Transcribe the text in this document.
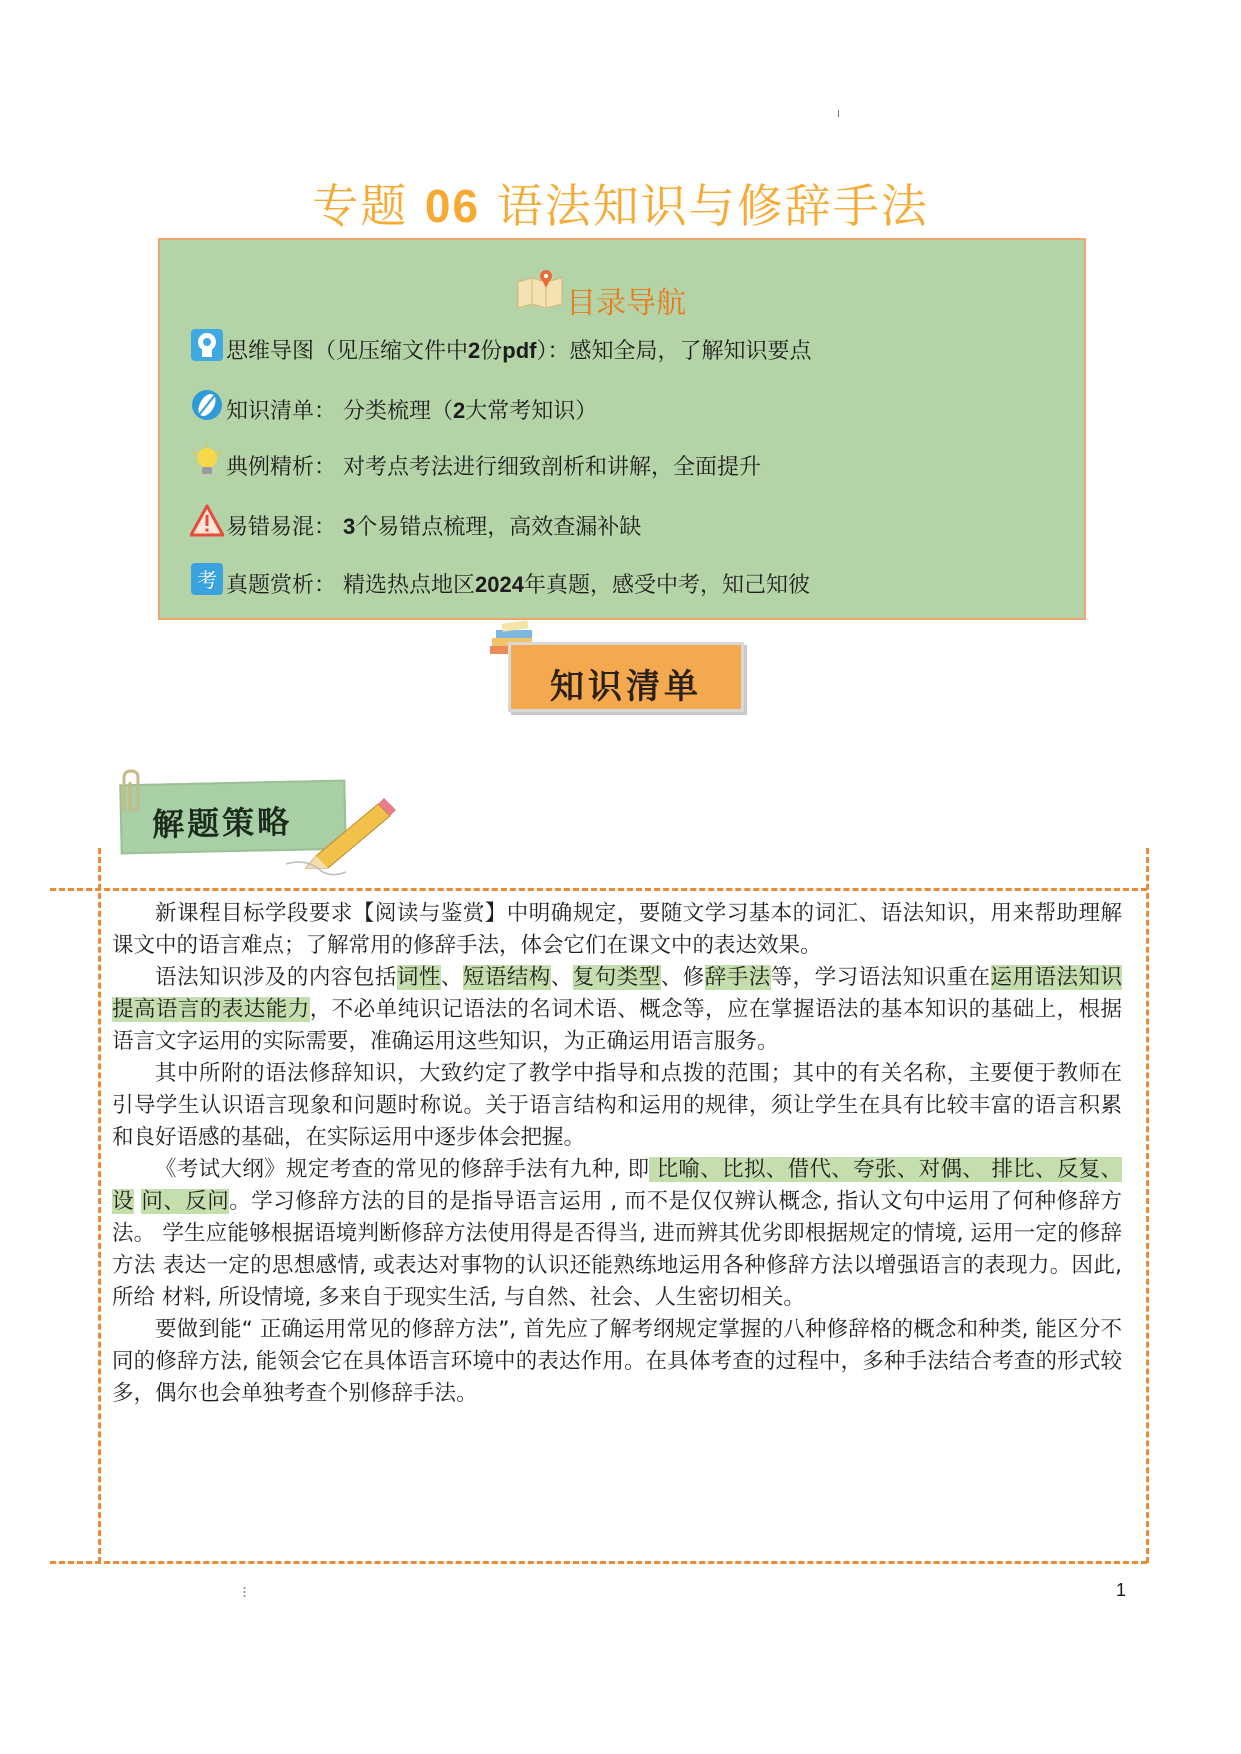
专题 06 语法知识与修辞手法
目录导航
思维导图（见压缩文件中2份pdf）：感知全局，了解知识要点
知识清单： 分类梳理（2大常考知识）
典例精析： 对考点考法进行细致剖析和讲解，全面提升
易错易混： 3个易错点梳理，高效查漏补缺
考 真题赏析： 精选热点地区2024年真题，感受中考，知己知彼
知识清单
解题策略

新课程目标学段要求【阅读与鉴赏】中明确规定，要随文学习基本的词汇、语法知识，用来帮助理解课文中的语言难点；了解常用的修辞手法，体会它们在课文中的表达效果。

语法知识涉及的内容包括词性、短语结构、复句类型、修辞手法等，学习语法知识重在运用语法知识提高语言的表达能力，不必单纯识记语法的名词术语、概念等，应在掌握语法的基本知识的基础上，根据语言文字运用的实际需要，准确运用这些知识，为正确运用语言服务。

其中所附的语法修辞知识，大致约定了教学中指导和点拨的范围；其中的有关名称，主要便于教师在引导学生认识语言现象和问题时称说。关于语言结构和运用的规律，须让学生在具有比较丰富的语言积累和良好语感的基础，在实际运用中逐步体会把握。

《考试大纲》规定考查的常见的修辞手法有九种, 即 比喻、比拟、借代、夸张、对偶、 排比、反复、设 问、反问。学习修辞方法的目的是指导语言运用 , 而不是仅仅辨认概念, 指认文句中运用了何种修辞方法。 学生应能够根据语境判断修辞方法使用得是否得当, 进而辨其优劣即根据规定的情境, 运用一定的修辞方法 表达一定的思想感情, 或表达对事物的认识还能熟练地运用各种修辞方法以增强语言的表现力。因此, 所给 材料, 所设情境, 多来自于现实生活, 与自然、社会、人生密切相关。

要做到能“ 正确运用常见的修辞方法”, 首先应了解考纲规定掌握的八种修辞格的概念和种类, 能区分不同的修辞方法, 能领会它在具体语言环境中的表达作用。在具体考查的过程中，多种手法结合考查的形式较多，偶尔也会单独考查个别修辞手法。

1
